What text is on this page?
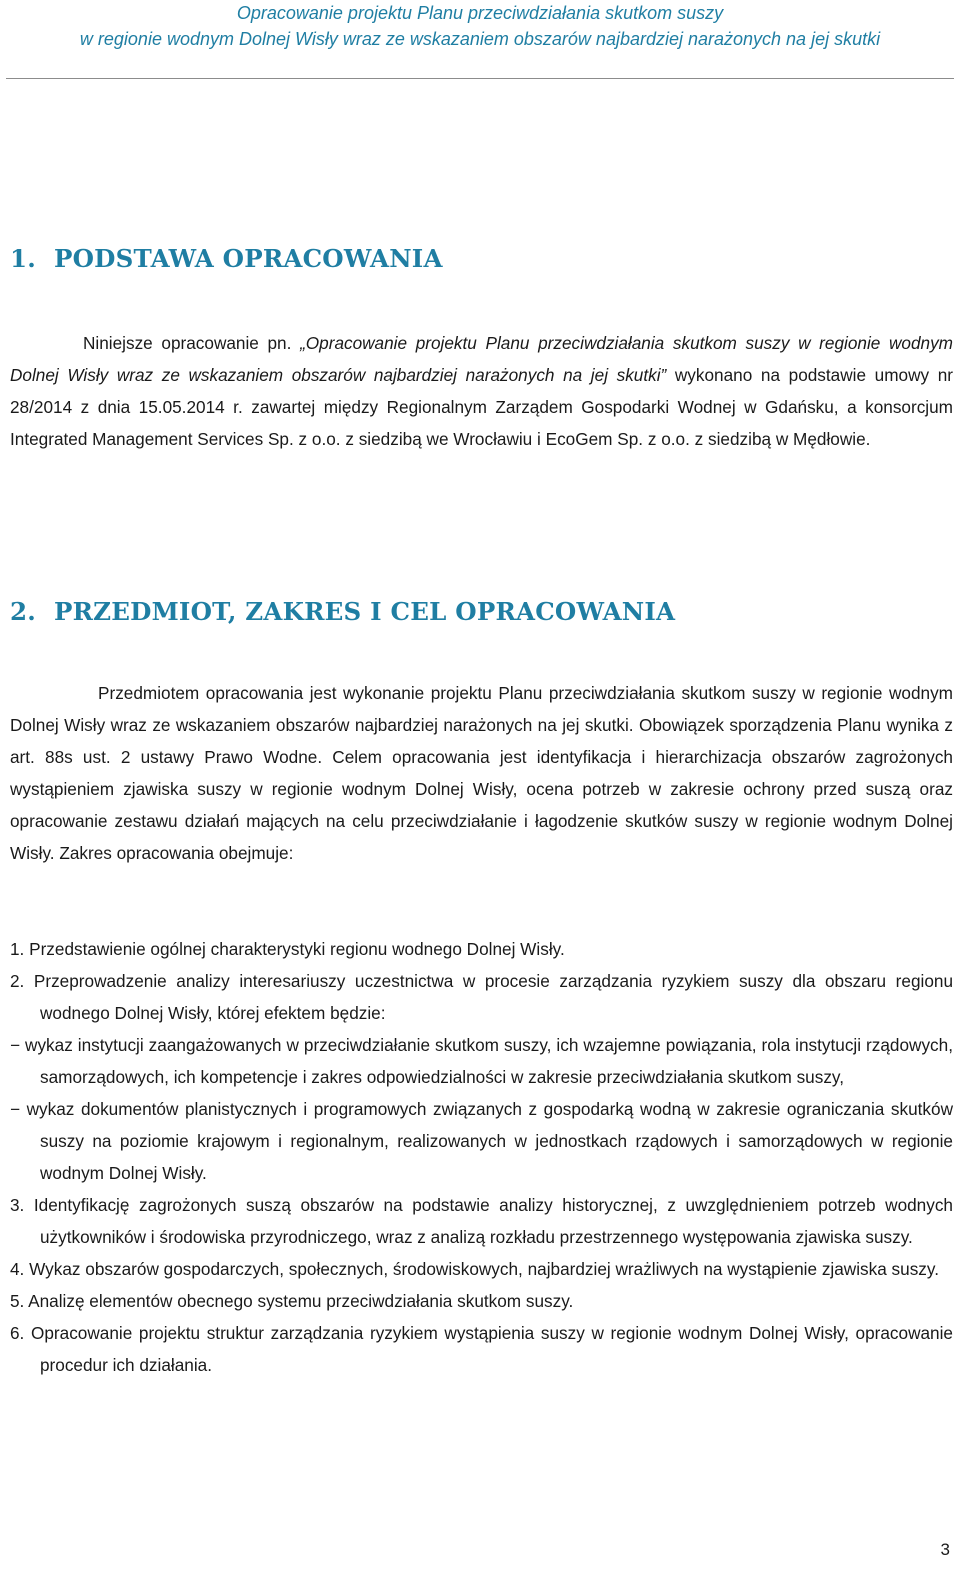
Opracowanie projektu Planu przeciwdziałania skutkom suszy
w regionie wodnym Dolnej Wisły wraz ze wskazaniem obszarów najbardziej narażonych na jej skutki
1. PODSTAWA OPRACOWANIA
Niniejsze opracowanie pn. „Opracowanie projektu Planu przeciwdziałania skutkom suszy w regionie wodnym Dolnej Wisły wraz ze wskazaniem obszarów najbardziej narażonych na jej skutki” wykonano na podstawie umowy nr 28/2014 z dnia 15.05.2014 r. zawartej między Regionalnym Zarządem Gospodarki Wodnej w Gdańsku, a konsorcjum Integrated Management Services Sp. z o.o. z siedzibą we Wrocławiu i EcoGem Sp. z o.o. z siedzibą w Mędłowie.
2. PRZEDMIOT, ZAKRES I CEL OPRACOWANIA
Przedmiotem opracowania jest wykonanie projektu Planu przeciwdziałania skutkom suszy w regionie wodnym Dolnej Wisły wraz ze wskazaniem obszarów najbardziej narażonych na jej skutki. Obowiązek sporządzenia Planu wynika z art. 88s ust. 2 ustawy Prawo Wodne. Celem opracowania jest identyfikacja i hierarchizacja obszarów zagrożonych wystąpieniem zjawiska suszy w regionie wodnym Dolnej Wisły, ocena potrzeb w zakresie ochrony przed suszą oraz opracowanie zestawu działań mających na celu przeciwdziałanie i łagodzenie skutków suszy w regionie wodnym Dolnej Wisły. Zakres opracowania obejmuje:
1. Przedstawienie ogólnej charakterystyki regionu wodnego Dolnej Wisły.
2. Przeprowadzenie analizy interesariuszy uczestnictwa w procesie zarządzania ryzykiem suszy dla obszaru regionu wodnego Dolnej Wisły, której efektem będzie:
− wykaz instytucji zaangażowanych w przeciwdziałanie skutkom suszy, ich wzajemne powiązania, rola instytucji rządowych, samorządowych, ich kompetencje i zakres odpowiedzialności w zakresie przeciwdziałania skutkom suszy,
− wykaz dokumentów planistycznych i programowych związanych z gospodarką wodną w zakresie ograniczania skutków suszy na poziomie krajowym i regionalnym, realizowanych w jednostkach rządowych i samorządowych w regionie wodnym Dolnej Wisły.
3. Identyfikację zagrożonych suszą obszarów na podstawie analizy historycznej, z uwzględnieniem potrzeb wodnych użytkowników i środowiska przyrodniczego, wraz z analizą rozkładu przestrzennego występowania zjawiska suszy.
4. Wykaz obszarów gospodarczych, społecznych, środowiskowych, najbardziej wrażliwych na wystąpienie zjawiska suszy.
5. Analizę elementów obecnego systemu przeciwdziałania skutkom suszy.
6. Opracowanie projektu struktur zarządzania ryzykiem wystąpienia suszy w regionie wodnym Dolnej Wisły, opracowanie procedur ich działania.
3
